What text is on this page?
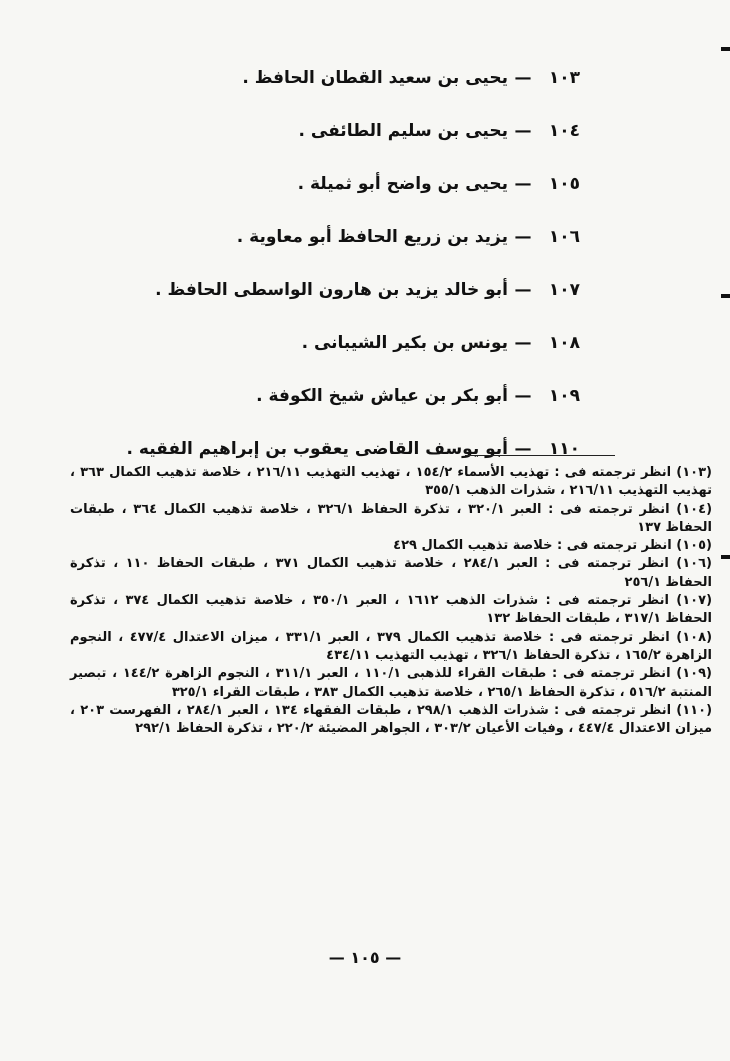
١٠٣—يحيى بن سعيد القطان الحافظ .
١٠٤—يحيى بن سليم الطائفى .
١٠٥—يحيى بن واضح أبو ثميلة .
١٠٦—يزيد بن زريع الحافظ أبو معاوية .
١٠٧—أبو خالد يزيد بن هارون الواسطى الحافظ .
١٠٨—يونس بن بكير الشيبانى .
١٠٩—أبو بكر بن عياش شيخ الكوفة .
١١٠—أبو يوسف القاضى يعقوب بن إبراهيم الفقيه .
(١٠٣) انظر ترجمته فى : تهذيب الأسماء ١٥٤/٢ ، تهذيب التهذيب ٢١٦/١١ ، خلاصة تذهيب الكمال ٣٦٣ ، تهذيب التهذيب ٢١٦/١١ ، شذرات الذهب ٣٥٥/١
(١٠٤) انظر ترجمته فى : العبر ٣٢٠/١ ، تذكرة الحفاظ ٣٢٦/١ ، خلاصة تذهيب الكمال ٣٦٤ ، طبقات الحفاظ ١٣٧
(١٠٥) انظر ترجمته فى : خلاصة تذهيب الكمال ٤٢٩
(١٠٦) انظر ترجمته فى : العبر ٢٨٤/١ ، خلاصة تذهيب الكمال ٣٧١ ، طبقات الحفاظ ١١٠ ، تذكرة الحفاظ ٢٥٦/١
(١٠٧) انظر ترجمته فى : شذرات الذهب ١٦١٢ ، العبر ٣٥٠/١ ، خلاصة تذهيب الكمال ٣٧٤ ، تذكرة الحفاظ ٣١٧/١ ، طبقات الحفاظ ١٣٢
(١٠٨) انظر ترجمته فى : خلاصة تذهيب الكمال ٣٧٩ ، العبر ٣٣١/١ ، ميزان الاعتدال ٤٧٧/٤ ، النجوم الزاهرة ١٦٥/٢ ، تذكرة الحفاظ ٣٢٦/١ ، تهذيب التهذيب ٤٣٤/١١
(١٠٩) انظر ترجمته فى : طبقات القراء للذهبى ١١٠/١ ، العبر ٣١١/١ ، النجوم الزاهرة ١٤٤/٢ ، تبصير المنتبة ٥١٦/٢ ، تذكرة الحفاظ ٢٦٥/١ ، خلاصة تذهيب الكمال ٣٨٣ ، طبقات القراء ٣٢٥/١
(١١٠) انظر ترجمته فى : شذرات الذهب ٢٩٨/١ ، طبقات الفقهاء ١٣٤ ، العبر ٢٨٤/١ ، الفهرست ٢٠٣ ، ميزان الاعتدال ٤٤٧/٤ ، وفيات الأعيان ٣٠٣/٢ ، الجواهر المضيئة ٢٢٠/٢ ، تذكرة الحفاظ ٢٩٢/١
— ١٠٥ —
